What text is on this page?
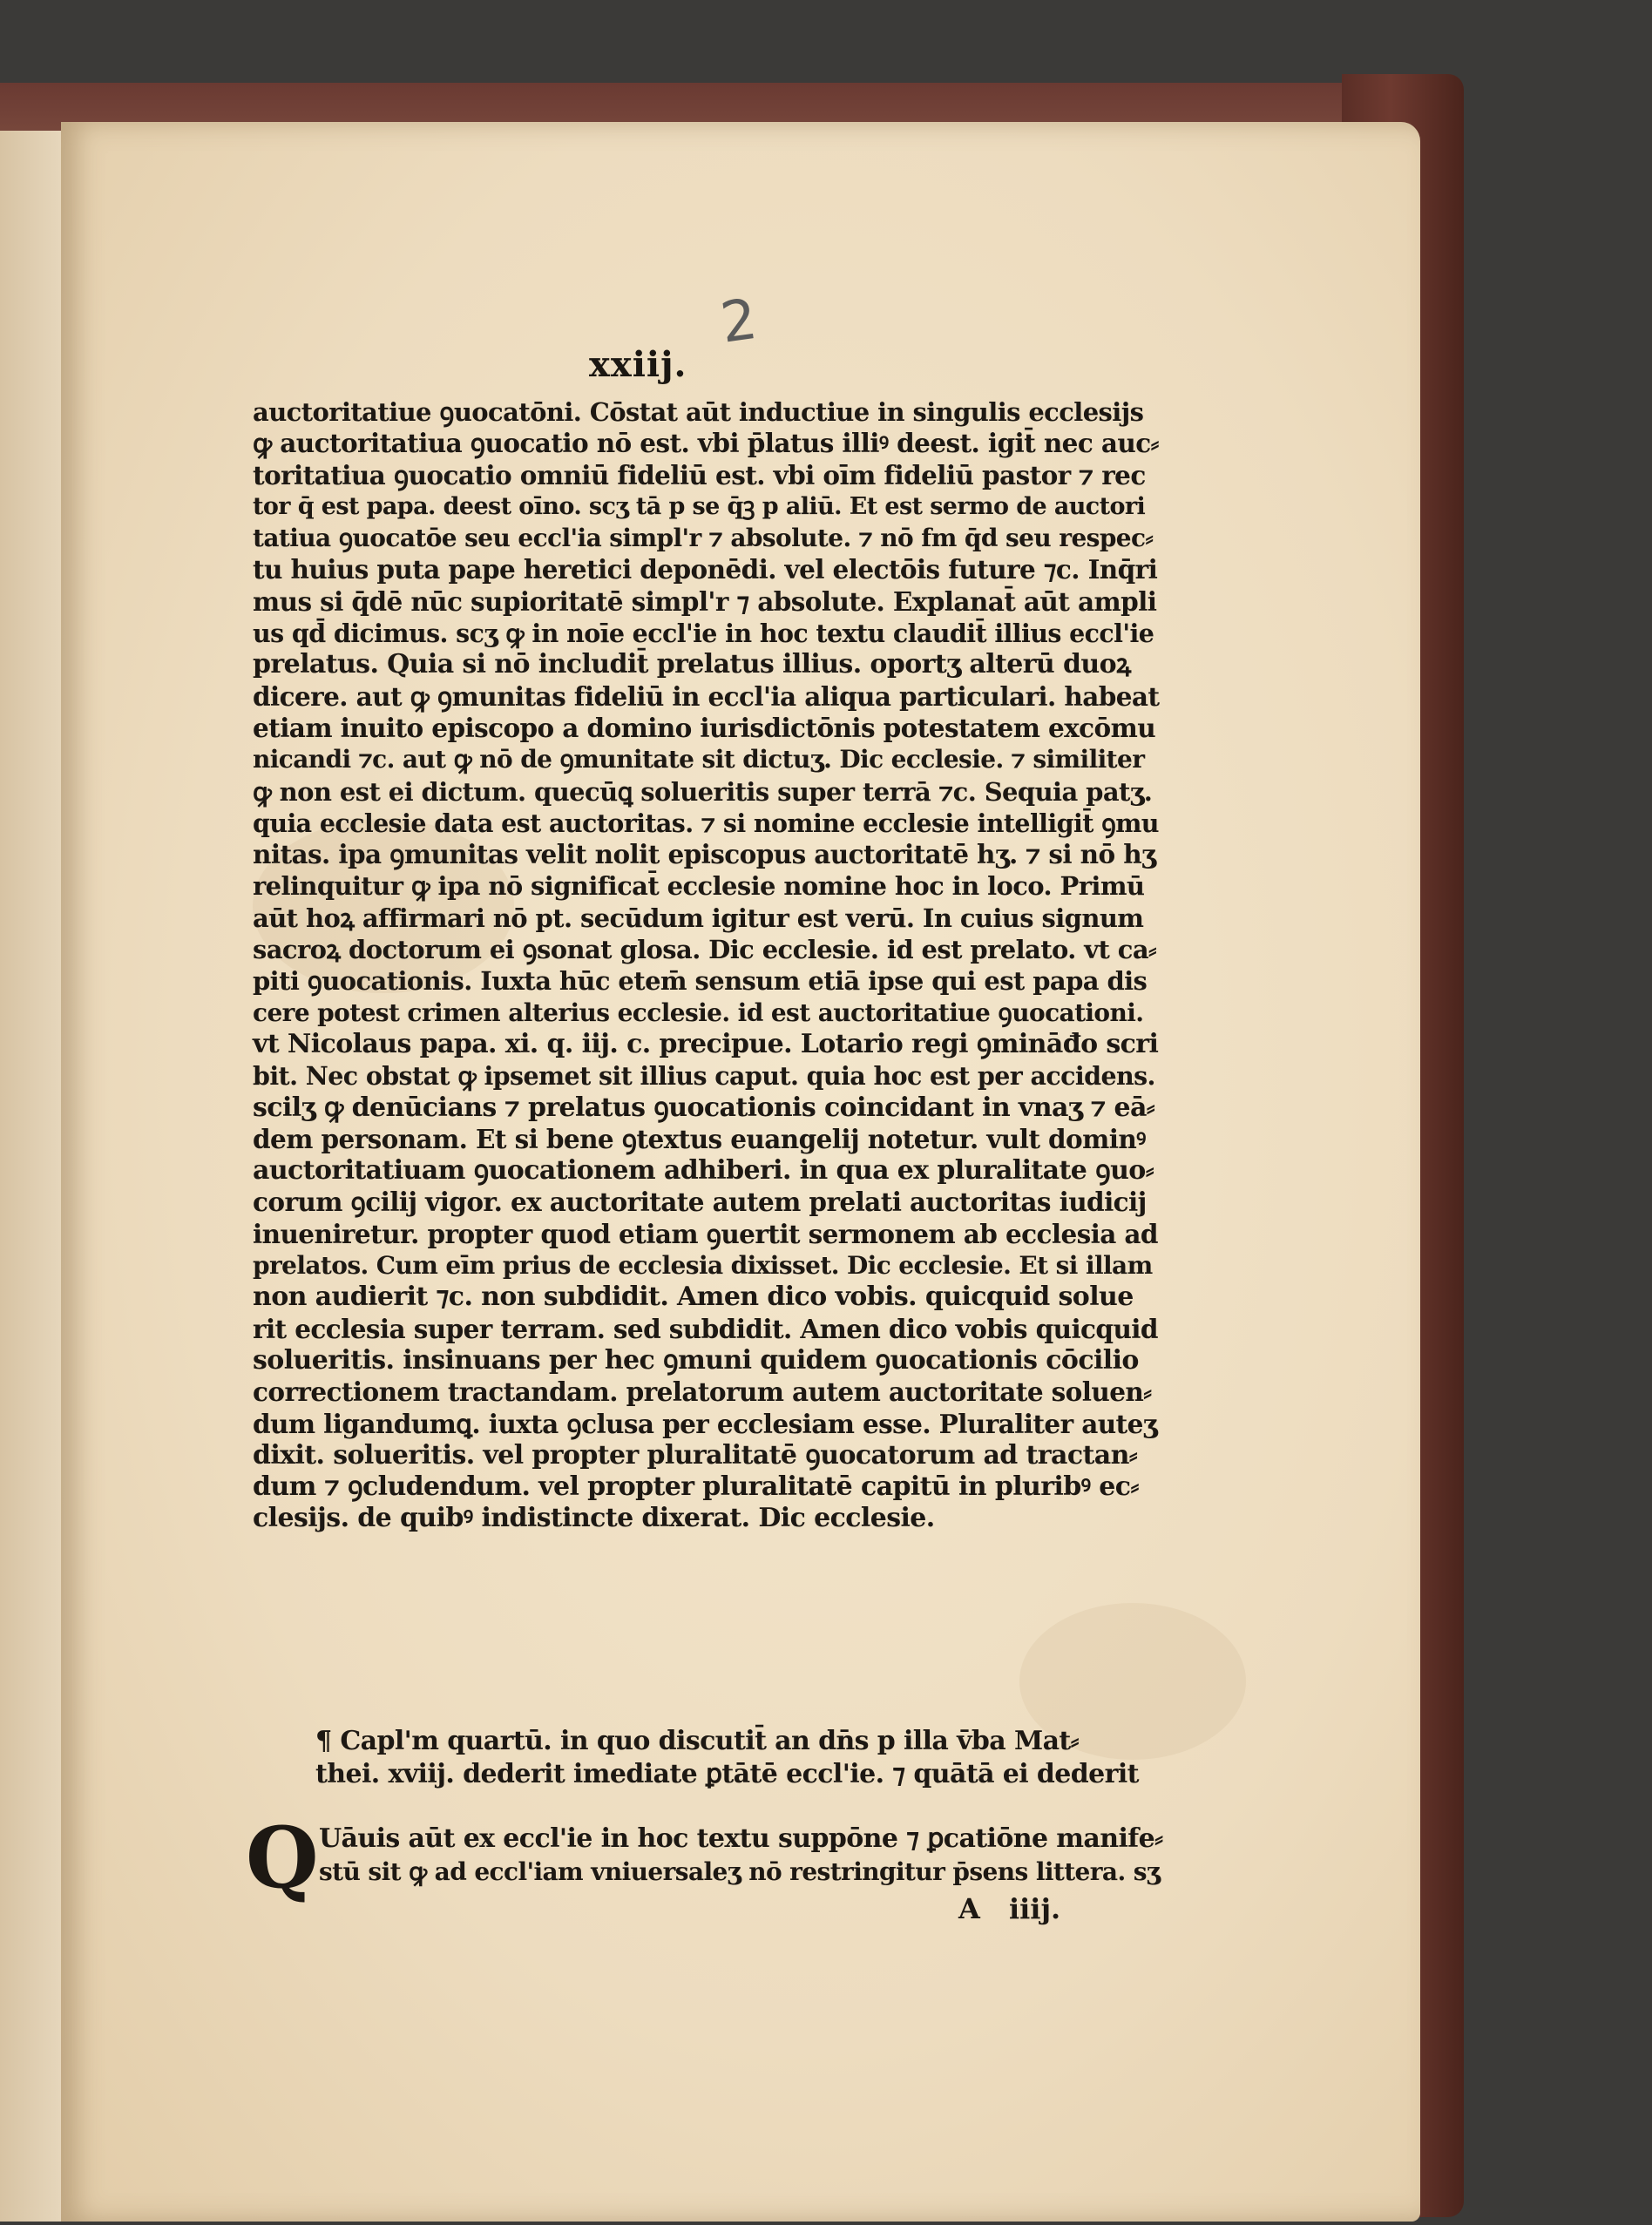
2
xxiij.
auctoritatiue ꝯuocatōni. Cōstat aūt inductiue in singulis ecclesijs
ꝙ auctoritatiua ꝯuocatio nō est. vbi p̄latus illiꝰ deest. igit̄ nec auc⸗
toritatiua ꝯuocatio omniū fideliū est. vbi oīm fideliū pastor ⁊ rec
tor q̄ est papa. deest oīno. scʒ tā p se q̄ꝫ p aliū. Et est sermo de auctori
tatiua ꝯuocatōe seu eccl'ia simpl'r ⁊ absolute. ⁊ nō fm q̄d seu respec⸗
tu huius puta pape heretici deponēdi. vel electōis future ⁊c. Inq̄ri
mus si q̄dē nūc supioritatē simpl'r ⁊ absolute. Explanat̄ aūt ampli
us qd̄ dicimus. scʒ ꝙ in noīe eccl'ie in hoc textu claudit̄ illius eccl'ie
prelatus. Quia si nō includit̄ prelatus illius. oportʒ alterū duoꝝ
dicere. aut ꝙ ꝯmunitas fideliū in eccl'ia aliqua particulari. habeat
etiam inuito episcopo a domino iurisdictōnis potestatem excōmu
nicandi ⁊c. aut ꝙ nō de ꝯmunitate sit dictuʒ. Dic ecclesie. ⁊ similiter
ꝙ non est ei dictum. quecūꝗ solueritis super terrā ⁊c. Sequia patʒ.
quia ecclesie data est auctoritas. ⁊ si nomine ecclesie intelligit̄ ꝯmu
nitas. ipa ꝯmunitas velit nolit episcopus auctoritatē hʒ. ⁊ si nō hʒ
relinquitur ꝙ ipa nō significat̄ ecclesie nomine hoc in loco. Primū
aūt hoꝝ affirmari nō pt. secūdum igitur est verū. In cuius signum
sacroꝝ doctorum ei ꝯsonat glosa. Dic ecclesie. id est prelato. vt ca⸗
piti ꝯuocationis. Iuxta hūc etem̄ sensum etiā ipse qui est papa dis
cere potest crimen alterius ecclesie. id est auctoritatiue ꝯuocationi.
vt Nicolaus papa. xi. q. iij. c. precipue. Lotario regi ꝯmināđo scri
bit. Nec obstat ꝙ ipsemet sit illius caput. quia hoc est per accidens.
scilʒ ꝙ denūcians ⁊ prelatus ꝯuocationis coincidant in vnaʒ ⁊ eā⸗
dem personam. Et si bene ꝯtextus euangelij notetur. vult dominꝰ
auctoritatiuam ꝯuocationem adhiberi. in qua ex pluralitate ꝯuo⸗
corum ꝯcilij vigor. ex auctoritate autem prelati auctoritas iudicij
inueniretur. propter quod etiam ꝯuertit sermonem ab ecclesia ad
prelatos. Cum eīm prius de ecclesia dixisset. Dic ecclesie. Et si illam
non audierit ⁊c. non subdidit. Amen dico vobis. quicquid solue
rit ecclesia super terram. sed subdidit. Amen dico vobis quicquid
solueritis. insinuans per hec ꝯmuni quidem ꝯuocationis cōcilio
correctionem tractandam. prelatorum autem auctoritate soluen⸗
dum ligandumꝗ. iuxta ꝯclusa per ecclesiam esse. Pluraliter auteʒ
dixit. solueritis. vel propter pluralitatē ꝯuocatorum ad tractan⸗
dum ⁊ ꝯcludendum. vel propter pluralitatē capitū in pluribꝰ ec⸗
clesijs. de quibꝰ indistincte dixerat. Dic ecclesie.
¶ Capl'm quartū. in quo discutit̄ an dn̄s p illa v̄ba Mat⸗
thei. xviij. dederit imediate ꝑtātē eccl'ie. ⁊ quātā ei dederit
Q Uāuis aūt ex eccl'ie in hoc textu suppōne ⁊ ꝑcatiōne manife⸗
stū sit ꝙ ad eccl'iam vniuersaleʒ nō restringitur p̄sens littera. sʒ
A iiij.
